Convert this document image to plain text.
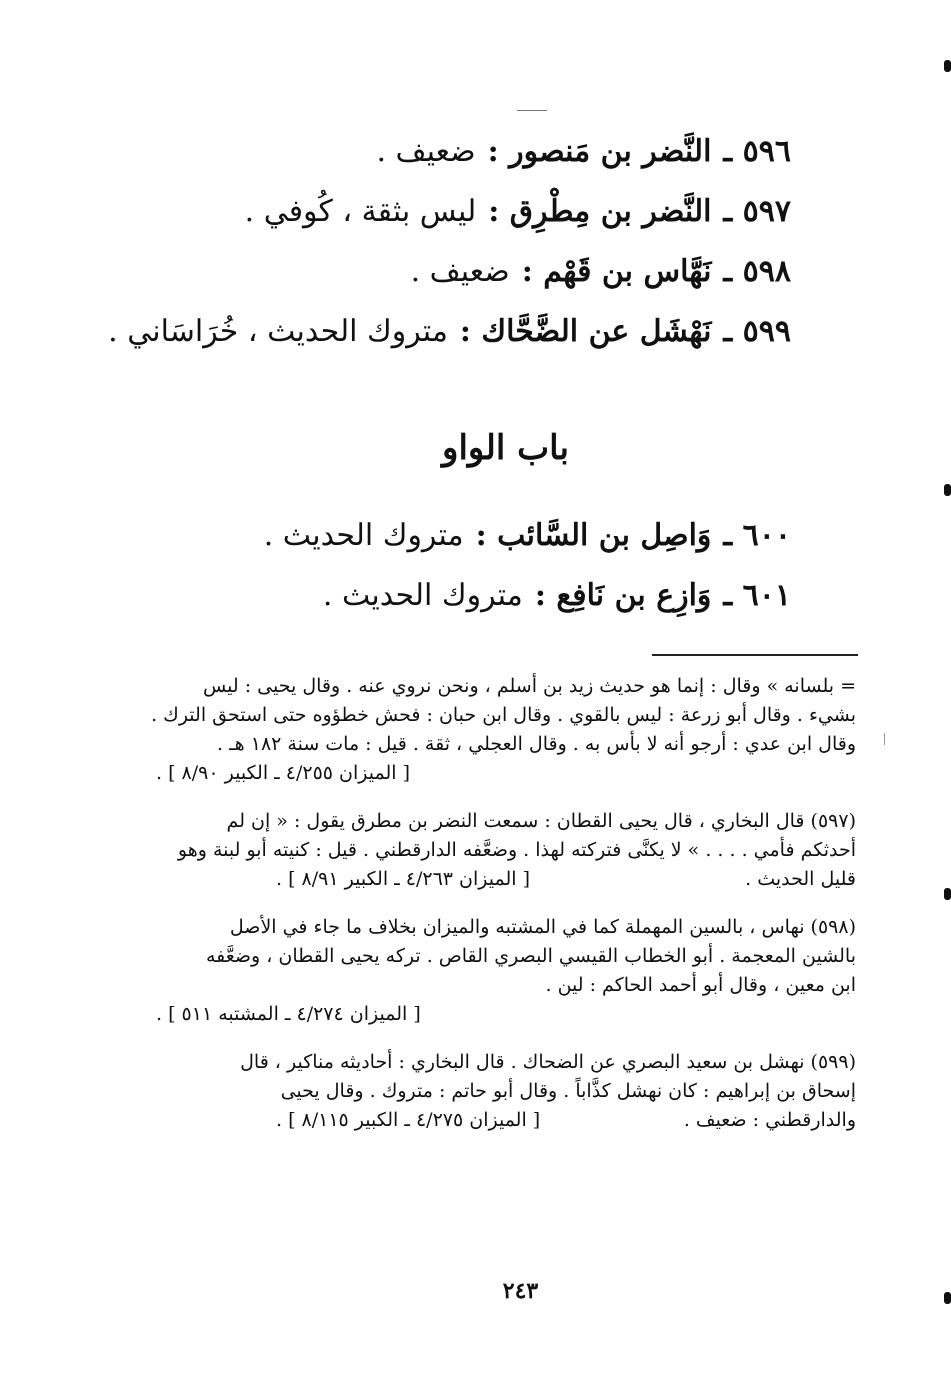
٥٩٦ ـ
النَّضر بن مَنصور :
ضعيف .
٥٩٧ ـ
النَّضر بن مِطْرِق :
ليس بثقة ، كُوفي .
٥٩٨ ـ
نَهَّاس بن قَهْم :
ضعيف .
٥٩٩ ـ
نَهْشَل عن الضَّحَّاك :
متروك الحديث ، خُرَاسَاني .
باب الواو
٦٠٠ ـ
وَاصِل بن السَّائب :
متروك الحديث .
٦٠١ ـ
وَازِع بن نَافِع :
متروك الحديث .

= بلسانه » وقال : إنما هو حديث زيد بن أسلم ، ونحن نروي عنه . وقال يحيى : ليس

بشيء . وقال أبو زرعة : ليس بالقوي . وقال ابن حبان : فحش خطؤوه حتى استحق الترك .

وقال ابن عدي : أرجو أنه لا بأس به . وقال العجلي ، ثقة . قيل : مات سنة ١٨٢ هـ .

[ الميزان ٤/٢٥٥ ـ الكبير ٨/٩٠ ] .

(٥٩٧) قال البخاري ، قال يحيى القطان : سمعت النضر بن مطرق يقول : « إن لم

أحدثكم فأمي . . . . » لا يكنَّى فتركته لهذا . وضعَّفه الدارقطني . قيل : كنيته أبو لبنة وهو

قليل الحديث .
[ الميزان ٤/٢٦٣ ـ الكبير ٨/٩١ ] .

(٥٩٨) نهاس ، بالسين المهملة كما في المشتبه والميزان بخلاف ما جاء في الأصل

بالشين المعجمة . أبو الخطاب القيسي البصري القاص . تركه يحيى القطان ، وضعَّفه

ابن معين ، وقال أبو أحمد الحاكم : لين .

[ الميزان ٤/٢٧٤ ـ المشتبه ٥١١ ] .

(٥٩٩) نهشل بن سعيد البصري عن الضحاك . قال البخاري : أحاديثه مناكير ، قال

إسحاق بن إبراهيم : كان نهشل كذَّاباً . وقال أبو حاتم : متروك . وقال يحيى

والدارقطني : ضعيف .
[ الميزان ٤/٢٧٥ ـ الكبير ٨/١١٥ ] .

٢٤٣
